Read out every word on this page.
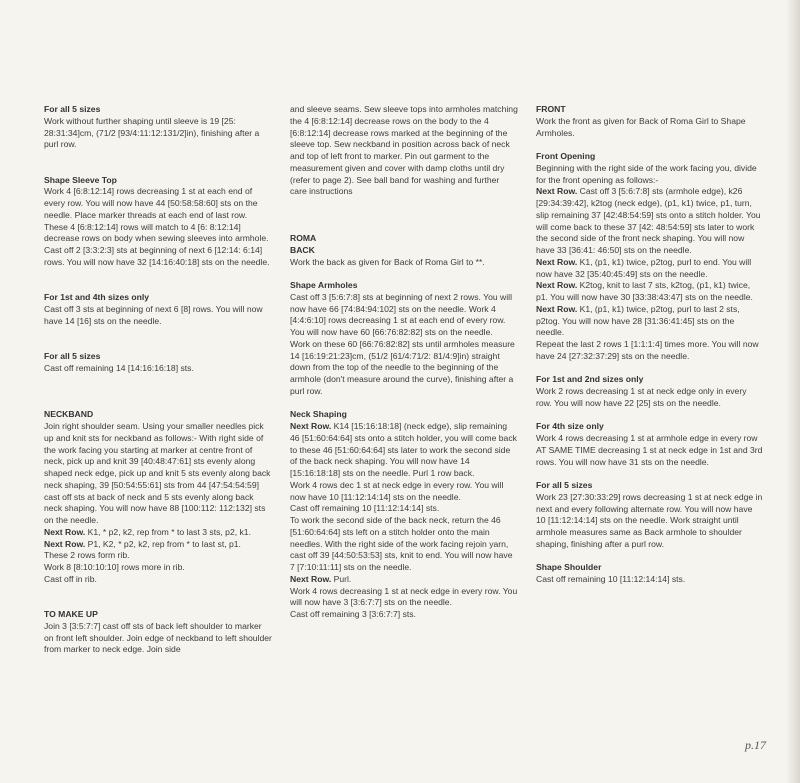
For all 5 sizes

Work without further shaping until sleeve is 19 [25: 28:31:34]cm, (71/2 [93/4:11:12:131/2]in), finishing after a purl row.

Shape Sleeve Top

Work 4 [6:8:12:14] rows decreasing 1 st at each end of every row. You will now have 44 [50:58:58:60] sts on the needle. Place marker threads at each end of last row. These 4 [6:8:12:14] rows will match to 4 [6: 8:12:14] decrease rows on body when sewing sleeves into armhole.

Cast off 2 [3:3:2:3] sts at beginning of next 6 [12:14: 6:14] rows. You will now have 32 [14:16:40:18] sts on the needle.

For 1st and 4th sizes only

Cast off 3 sts at beginning of next 6 [8] rows. You will now have 14 [16] sts on the needle.

For all 5 sizes

Cast off remaining 14 [14:16:16:18] sts.

NECKBAND

Join right shoulder seam. Using your smaller needles pick up and knit sts for neckband as follows:- With right side of the work facing you starting at marker at centre front of neck, pick up and knit 39 [40:48:47:61] sts evenly along shaped neck edge, pick up and knit 5 sts evenly along back neck shaping, 39 [50:54:55:61] sts from 44 [47:54:54:59] cast off sts at back of neck and 5 sts evenly along back neck shaping. You will now have 88 [100:112: 112:132] sts on the needle.

Next Row. K1, * p2, k2, rep from * to last 3 sts, p2, k1.

Next Row. P1, K2, * p2, k2, rep from * to last st, p1.

These 2 rows form rib.

Work 8 [8:10:10:10] rows more in rib.

Cast off in rib.

TO MAKE UP

Join 3 [3:5:7:7] cast off sts of back left shoulder to marker on front left shoulder. Join edge of neckband to left shoulder from marker to neck edge. Join side

and sleeve seams. Sew sleeve tops into armholes matching the 4 [6:8:12:14] decrease rows on the body to the 4 [6:8:12:14] decrease rows marked at the beginning of the sleeve top. Sew neckband in position across back of neck and top of left front to marker. Pin out garment to the measurement given and cover with damp cloths until dry (refer to page 2). See ball band for washing and further care instructions

ROMA

BACK

Work the back as given for Back of Roma Girl to **.

Shape Armholes

Cast off 3 [5:6:7:8] sts at beginning of next 2 rows. You will now have 66 [74:84:94:102] sts on the needle. Work 4 [4:4:6:10] rows decreasing 1 st at each end of every row. You will now have 60 [66:76:82:82] sts on the needle.

Work on these 60 [66:76:82:82] sts until armholes measure 14 [16:19:21:23]cm, (51/2 [61/4:71/2: 81/4:9]in) straight down from the top of the needle to the beginning of the armhole (don't measure around the curve), finishing after a purl row.

Neck Shaping

Next Row. K14 [15:16:18:18] (neck edge), slip remaining 46 [51:60:64:64] sts onto a stitch holder, you will come back to these 46 [51:60:64:64] sts later to work the second side of the back neck shaping. You will now have 14 [15:16:18:18] sts on the needle. Purl 1 row back.

Work 4 rows dec 1 st at neck edge in every row. You will now have 10 [11:12:14:14] sts on the needle.

Cast off remaining 10 [11:12:14:14] sts.

To work the second side of the back neck, return the 46 [51:60:64:64] sts left on a stitch holder onto the main needles. With the right side of the work facing rejoin yarn, cast off 39 [44:50:53:53] sts, knit to end. You will now have 7 [7:10:11:11] sts on the needle.

Next Row. Purl.

Work 4 rows decreasing 1 st at neck edge in every row. You will now have 3 [3:6:7:7] sts on the needle.

Cast off remaining 3 [3:6:7:7] sts.

FRONT

Work the front as given for Back of Roma Girl to Shape Armholes.

Front Opening

Beginning with the right side of the work facing you, divide for the front opening as follows:-

Next Row. Cast off 3 [5:6:7:8] sts (armhole edge), k26 [29:34:39:42], k2tog (neck edge), (p1, k1) twice, p1, turn, slip remaining 37 [42:48:54:59] sts onto a stitch holder. You will come back to these 37 [42: 48:54:59] sts later to work the second side of the front neck shaping. You will now have 33 [36:41: 46:50] sts on the needle.

Next Row. K1, (p1, k1) twice, p2tog, purl to end. You will now have 32 [35:40:45:49] sts on the needle.

Next Row. K2tog, knit to last 7 sts, k2tog, (p1, k1) twice, p1. You will now have 30 [33:38:43:47] sts on the needle.

Next Row. K1, (p1, k1) twice, p2tog, purl to last 2 sts, p2tog. You will now have 28 [31:36:41:45] sts on the needle.

Repeat the last 2 rows 1 [1:1:1:4] times more. You will now have 24 [27:32:37:29] sts on the needle.

For 1st and 2nd sizes only

Work 2 rows decreasing 1 st at neck edge only in every row. You will now have 22 [25] sts on the needle.

For 4th size only

Work 4 rows decreasing 1 st at armhole edge in every row AT SAME TIME decreasing 1 st at neck edge in 1st and 3rd rows. You will now have 31 sts on the needle.

For all 5 sizes

Work 23 [27:30:33:29] rows decreasing 1 st at neck edge in next and every following alternate row. You will now have 10 [11:12:14:14] sts on the needle. Work straight until armhole measures same as Back armhole to shoulder shaping, finishing after a purl row.

Shape Shoulder

Cast off remaining 10 [11:12:14:14] sts.

p.17
